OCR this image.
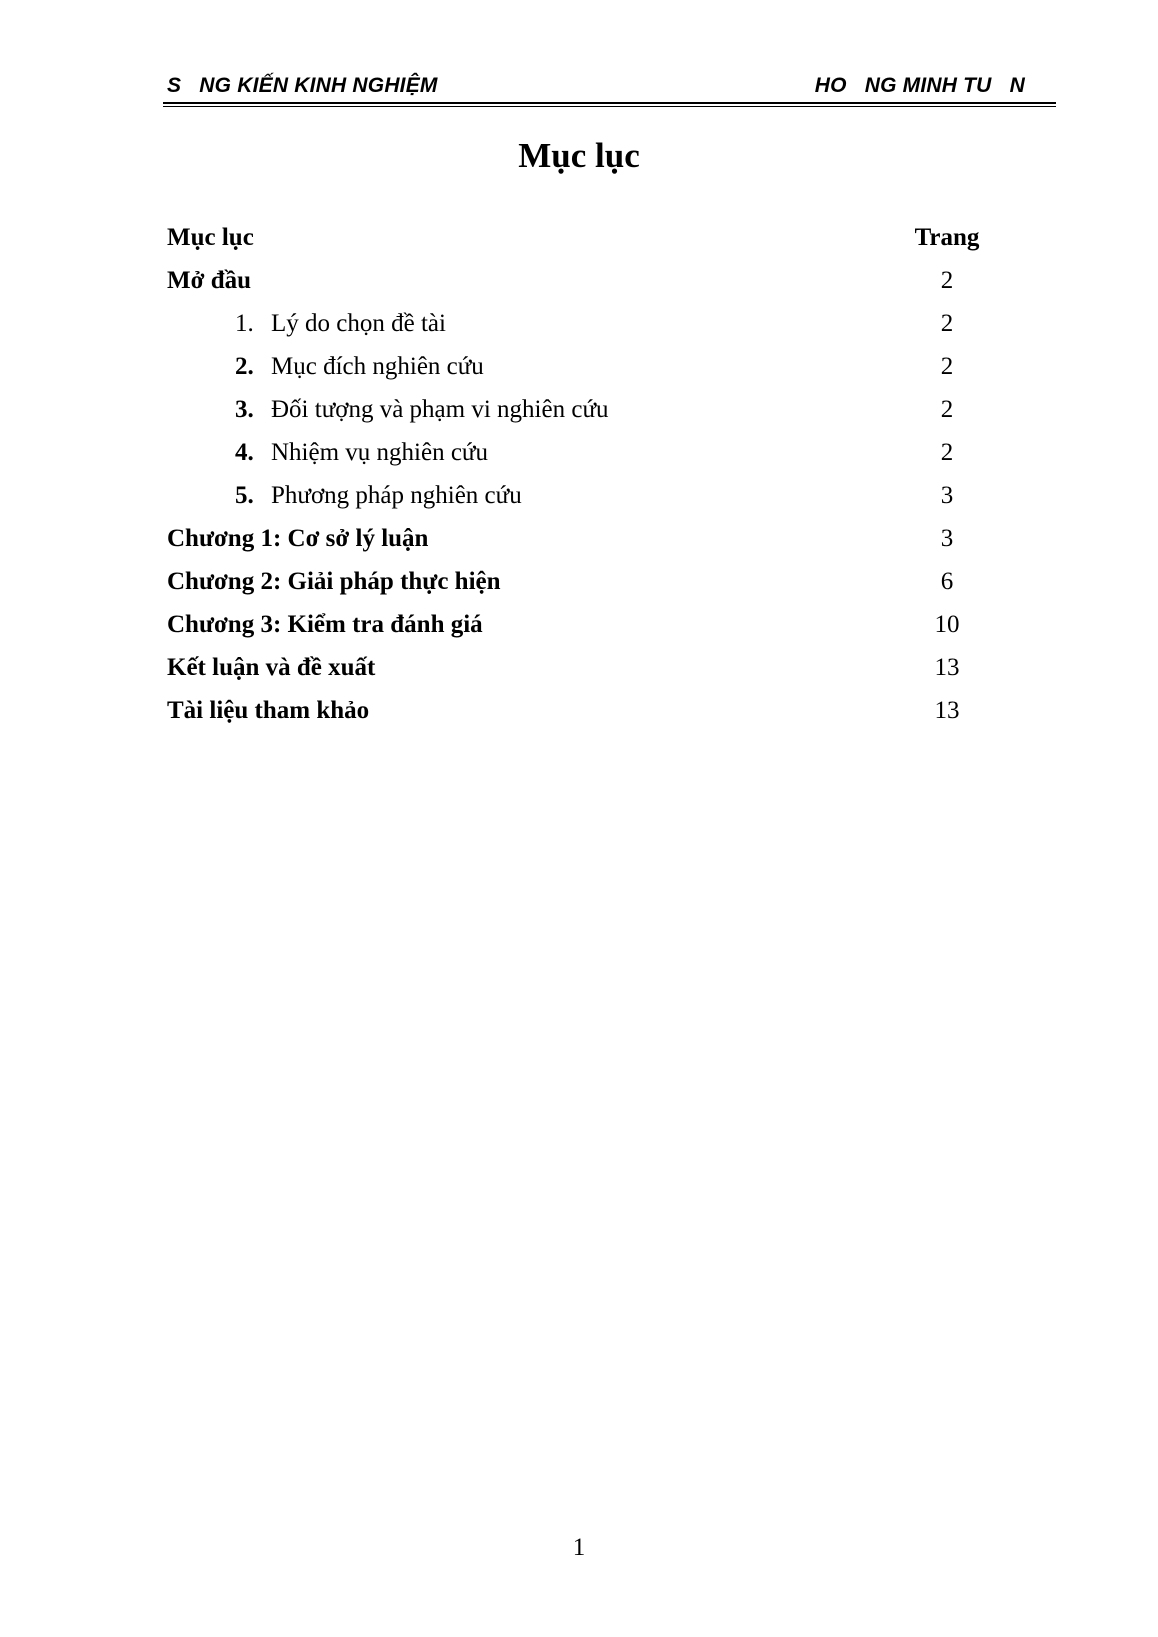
S   NG KIẾN KINH NGHIỆM	HO   NG MINH TU   N
Mục lục
Mục lục	Trang
Mở đầu	2
1. Lý do chọn đề tài	2
2. Mục đích nghiên cứu	2
3. Đối tượng và phạm vi nghiên cứu	2
4. Nhiệm vụ nghiên cứu	2
5. Phương pháp nghiên cứu	3
Chương 1: Cơ sở lý luận	3
Chương 2: Giải pháp thực hiện	6
Chương 3: Kiểm tra đánh giá	10
Kết luận và đề xuất	13
Tài liệu tham khảo	13
1
